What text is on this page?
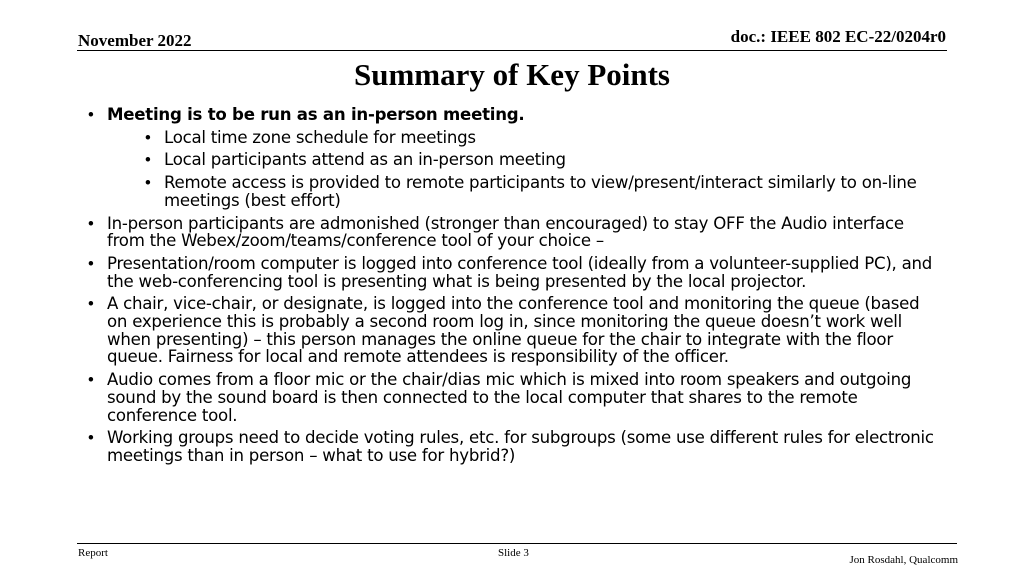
November 2022	doc.: IEEE 802 EC-22/0204r0
Summary of Key Points
• Meeting is to be run as an in-person meeting.
• Local time zone schedule for meetings
• Local participants attend as an in-person meeting
• Remote access is provided to remote participants to view/present/interact similarly to on-line meetings (best effort)
• In-person participants are admonished (stronger than encouraged) to stay OFF the Audio interface from the Webex/zoom/teams/conference tool of your choice –
• Presentation/room computer is logged into conference tool (ideally from a volunteer-supplied PC), and the web-conferencing tool is presenting what is being presented by the local projector.
• A chair, vice-chair, or designate, is logged into the conference tool and monitoring the queue (based on experience this is probably a second room log in, since monitoring the queue doesn’t work well when presenting) – this person manages the online queue for the chair to integrate with the floor queue. Fairness for local and remote attendees is responsibility of the officer.
• Audio comes from a floor mic or the chair/dias mic which is mixed into room speakers and outgoing sound by the sound board is then connected to the local computer that shares to the remote conference tool.
• Working groups need to decide voting rules, etc. for subgroups (some use different rules for electronic meetings than in person – what to use for hybrid?)
Report	Slide 3
Jon Rosdahl, Qualcomm
